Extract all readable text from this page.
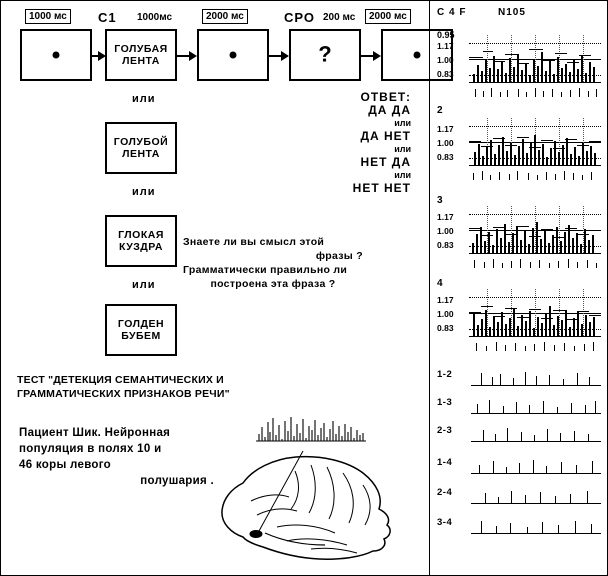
1000 мс	C1 1000мс	2000 мс	СРО 200 мс	2000 мс
ГОЛУБАЯ ЛЕНТА	?
или
ГОЛУБОЙ
ЛЕНТА
или
ГЛОКАЯ
КУЗДРА
или
ГОЛДЕН
БУБЕМ
ОТВЕТ:
ДА ДА
или
ДА НЕТ
или
НЕТ ДА
или
НЕТ НЕТ
Знаете ли вы смысл этой
фразы ?
Грамматически правильно ли
построена эта фраза ?
ТЕСТ "ДЕТЕКЦИЯ СЕМАНТИЧЕСКИХ И
ГРАММАТИЧЕСКИХ ПРИЗНАКОВ РЕЧИ"
Пациент Шик. Нейронная
популяция в полях 10 и
46 коры левого
полушария .
C 4 F	N105
0.95
1.17
1.00
0.83
2
1.17
1.00
0.83
3
1.17
1.00
0.83
4
1.17
1.00
0.83
1-2
1-3
2-3
1-4
2-4
3-4
